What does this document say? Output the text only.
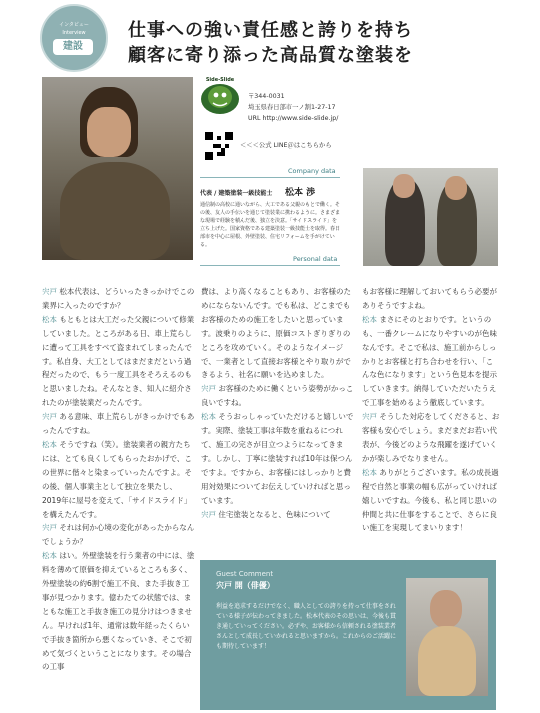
インタビュー
Interview
建設
仕事への強い責任感と誇りを持ち
顧客に寄り添った高品質な塗装を
Side-Slide
〒344-0031
埼玉県春日部市一ノ割1-27-17
URL http://www.side-slide.jp/
＜＜＜公式 LINE＠はこちらから
Company data
代表 / 建築塗装一級技能士 松本 渉
通信制の高校に通いながら、大工である父親のもとで働く。その後、友人の手伝いを通じて塗装業に携わるように。さまざまな現場で経験を積んだ後、独立を決意。「サイドスライド」を立ち上げた。国家資格である建築塗装一級技能士を取得。春日部市を中心に屋根、外壁塗装、住宅リフォームを手がけている。
Personal data

宍戸 松本代表は、どういったきっかけでこの業界に入ったのですか？

松本 もともとは大工だった父親について修業していました。ところがある日、車上荒らしに遭って工具をすべて盗まれてしまったんです。私自身、大工としてはまだまだという過程だったので、もう一度工具をそろえるのもと思いましたね。そんなとき、知人に紹介されたのが塗装業だったんです。

宍戸 ある意味、車上荒らしがきっかけでもあったんですね。

松本 そうですね（笑）。塗装業者の親方たちには、とても良くしてもらったおかげで、この世界に偕々と染まっていったんですよ。その後、個人事業主として独立を果たし、2019年に屋号を変えて、「サイドスライド」を構えたんです。

宍戸 それは何か心境の変化があったからなんでしょうか？

松本 はい。外壁塗装を行う業者の中には、塗料を薄めて原価を抑えているところも多く、外壁塗装の約6割で施工不良、また手抜き工事が見つかります。億わたての状態では、まともな施工と手抜き施工の見分けはつきません。早ければ1年、通常は数年経ったくらいで手抜き箇所から悪くなっていき、そこで初めて気づくということになります。その場合の工事

費は、より高くなることもあり、お客様のためにならないんです。でも私は、どこまでもお客様のための施工をしたいと思っています。波乗りのように、原価コストぎりぎりのところを攻めていく。そのようなイメージで、一業者として直接お客様とやり取りができるよう、社名に願いを込めました。

宍戸 お客様のために働くという姿勢がかっこ良いですね。

松本 そうおっしゃっていただけると嬉しいです。実際、塗装工事は年数を重ねるにつれて、施工の完さが目立つようになってきます。しかし、丁寧に塗装すれば10年は保つんですよ。ですから、お客様にはしっかりと費用対効果についてお伝えしていければと思っています。

宍戸 住宅塗装となると、色味について

もお客様に理解しておいてもらう必要がありそうですよね。

松本 まさにそのとおりです。というのも、一番クレームになりやすいのが色味なんです。そこで私は、施工前からしっかりとお客様と打ち合わせを行い、「こんな色になります」という色見本を提示していきます。納得していただいたうえで工事を始めるよう徹底しています。

宍戸 そうした対応をしてくださると、お客様も安心でしょう。まだまだお若い代表が、今後どのような飛躍を遂げていくかが楽しみでなりません。

松本 ありがとうございます。私の成長過程で自然と事業の幅も広がっていければ嬉しいですね。今後も、私と同じ思いの仲間と共に仕事をすることで、さらに良い施工を実現してまいります！

Guest Comment
宍戸 開（俳優）
利益を追求するだけでなく、職人としての誇りを持って仕事をされている様子が伝わってきました。松本代表のその思いは、今後も貫き通していってください。必ずや、お客様から信頼される塗装業者さんとして成長していかれると思いますから。これからのご活躍にも期待しています！
